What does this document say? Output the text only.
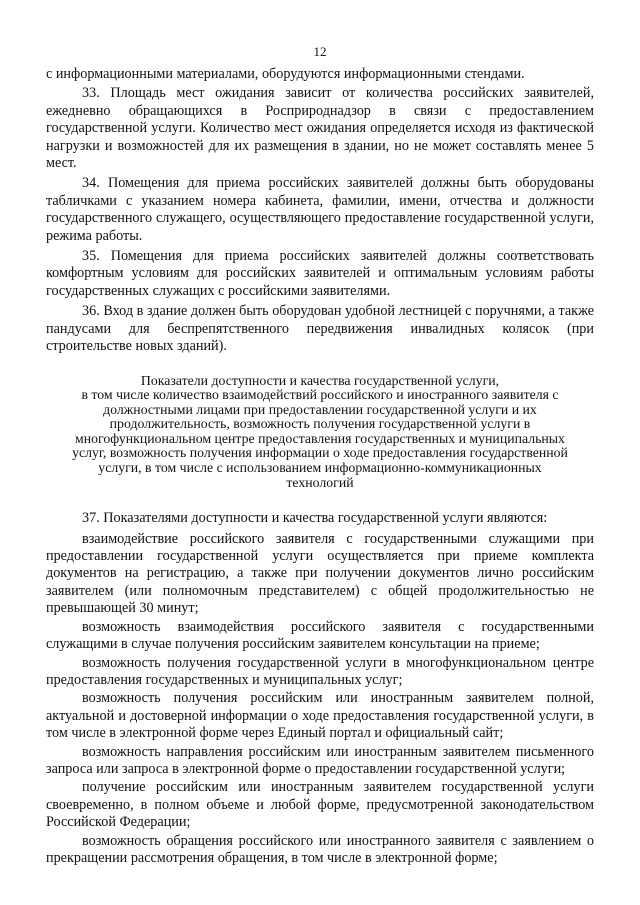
12

с информационными материалами, оборудуются информационными стендами.

33. Площадь мест ожидания зависит от количества российских заявителей, ежедневно обращающихся в Росприроднадзор в связи с предоставлением государственной услуги. Количество мест ожидания определяется исходя из фактической нагрузки и возможностей для их размещения в здании, но не может составлять менее 5 мест.

34. Помещения для приема российских заявителей должны быть оборудованы табличками с указанием номера кабинета, фамилии, имени, отчества и должности государственного служащего, осуществляющего предоставление государственной услуги, режима работы.

35. Помещения для приема российских заявителей должны соответствовать комфортным условиям для российских заявителей и оптимальным условиям работы государственных служащих с российскими заявителями.

36. Вход в здание должен быть оборудован удобной лестницей с поручнями, а также пандусами для беспрепятственного передвижения инвалидных колясок (при строительстве новых зданий).

Показатели доступности и качества государственной услуги,
в том числе количество взаимодействий российского и иностранного заявителя с
должностными лицами при предоставлении государственной услуги и их
продолжительность, возможность получения государственной услуги в
многофункциональном центре предоставления государственных и муниципальных
услуг, возможность получения информации о ходе предоставления государственной
услуги, в том числе с использованием информационно-коммуникационных
технологий

37. Показателями доступности и качества государственной услуги являются:

взаимодействие российского заявителя с государственными служащими при предоставлении государственной услуги осуществляется при приеме комплекта документов на регистрацию, а также при получении документов лично российским заявителем (или полномочным представителем) с общей продолжительностью не превышающей 30 минут;

возможность взаимодействия российского заявителя с государственными служащими в случае получения российским заявителем консультации на приеме;

возможность получения государственной услуги в многофункциональном центре предоставления государственных и муниципальных услуг;

возможность получения российским или иностранным заявителем полной, актуальной и достоверной информации о ходе предоставления государственной услуги, в том числе в электронной форме через Единый портал и официальный сайт;

возможность направления российским или иностранным заявителем письменного запроса или запроса в электронной форме о предоставлении государственной услуги;

получение российским или иностранным заявителем государственной услуги своевременно, в полном объеме и любой форме, предусмотренной законодательством Российской Федерации;

возможность обращения российского или иностранного заявителя с заявлением о прекращении рассмотрения обращения, в том числе в электронной форме;
